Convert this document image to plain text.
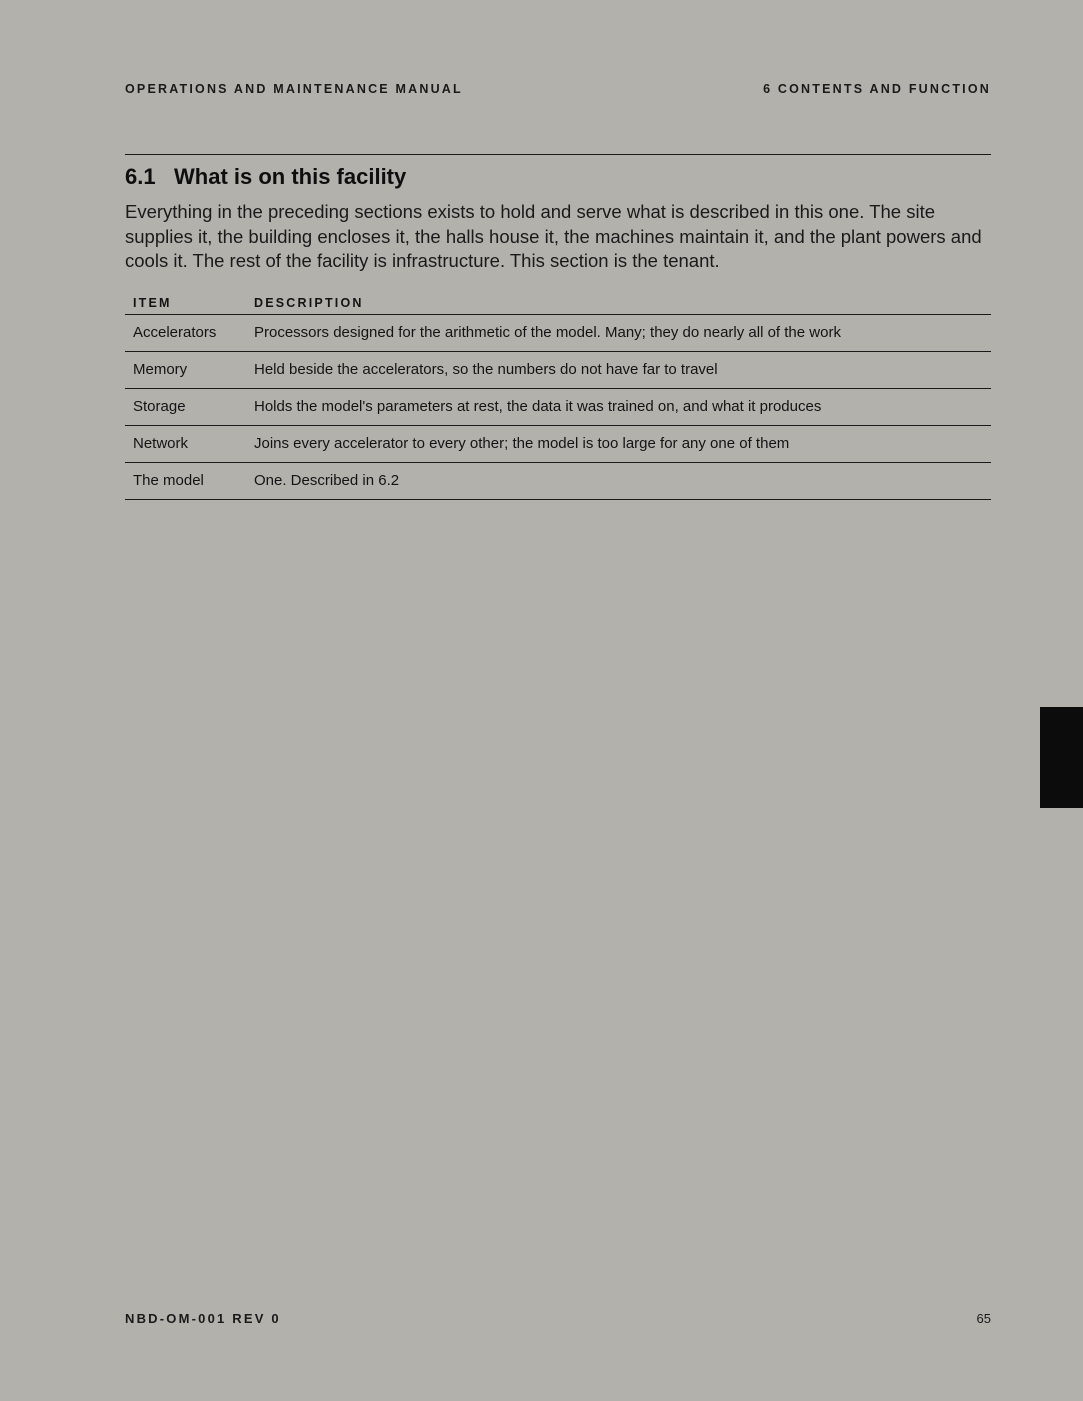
OPERATIONS AND MAINTENANCE MANUAL	6 CONTENTS AND FUNCTION
6.1 What is on this facility
Everything in the preceding sections exists to hold and serve what is described in this one. The site supplies it, the building encloses it, the halls house it, the machines maintain it, and the plant powers and cools it. The rest of the facility is infrastructure. This section is the tenant.
ITEM	DESCRIPTION
Accelerators	Processors designed for the arithmetic of the model. Many; they do nearly all of the work
Memory	Held beside the accelerators, so the numbers do not have far to travel
Storage	Holds the model's parameters at rest, the data it was trained on, and what it produces
Network	Joins every accelerator to every other; the model is too large for any one of them
The model	One. Described in 6.2
NBD-OM-001 REV 0	65
